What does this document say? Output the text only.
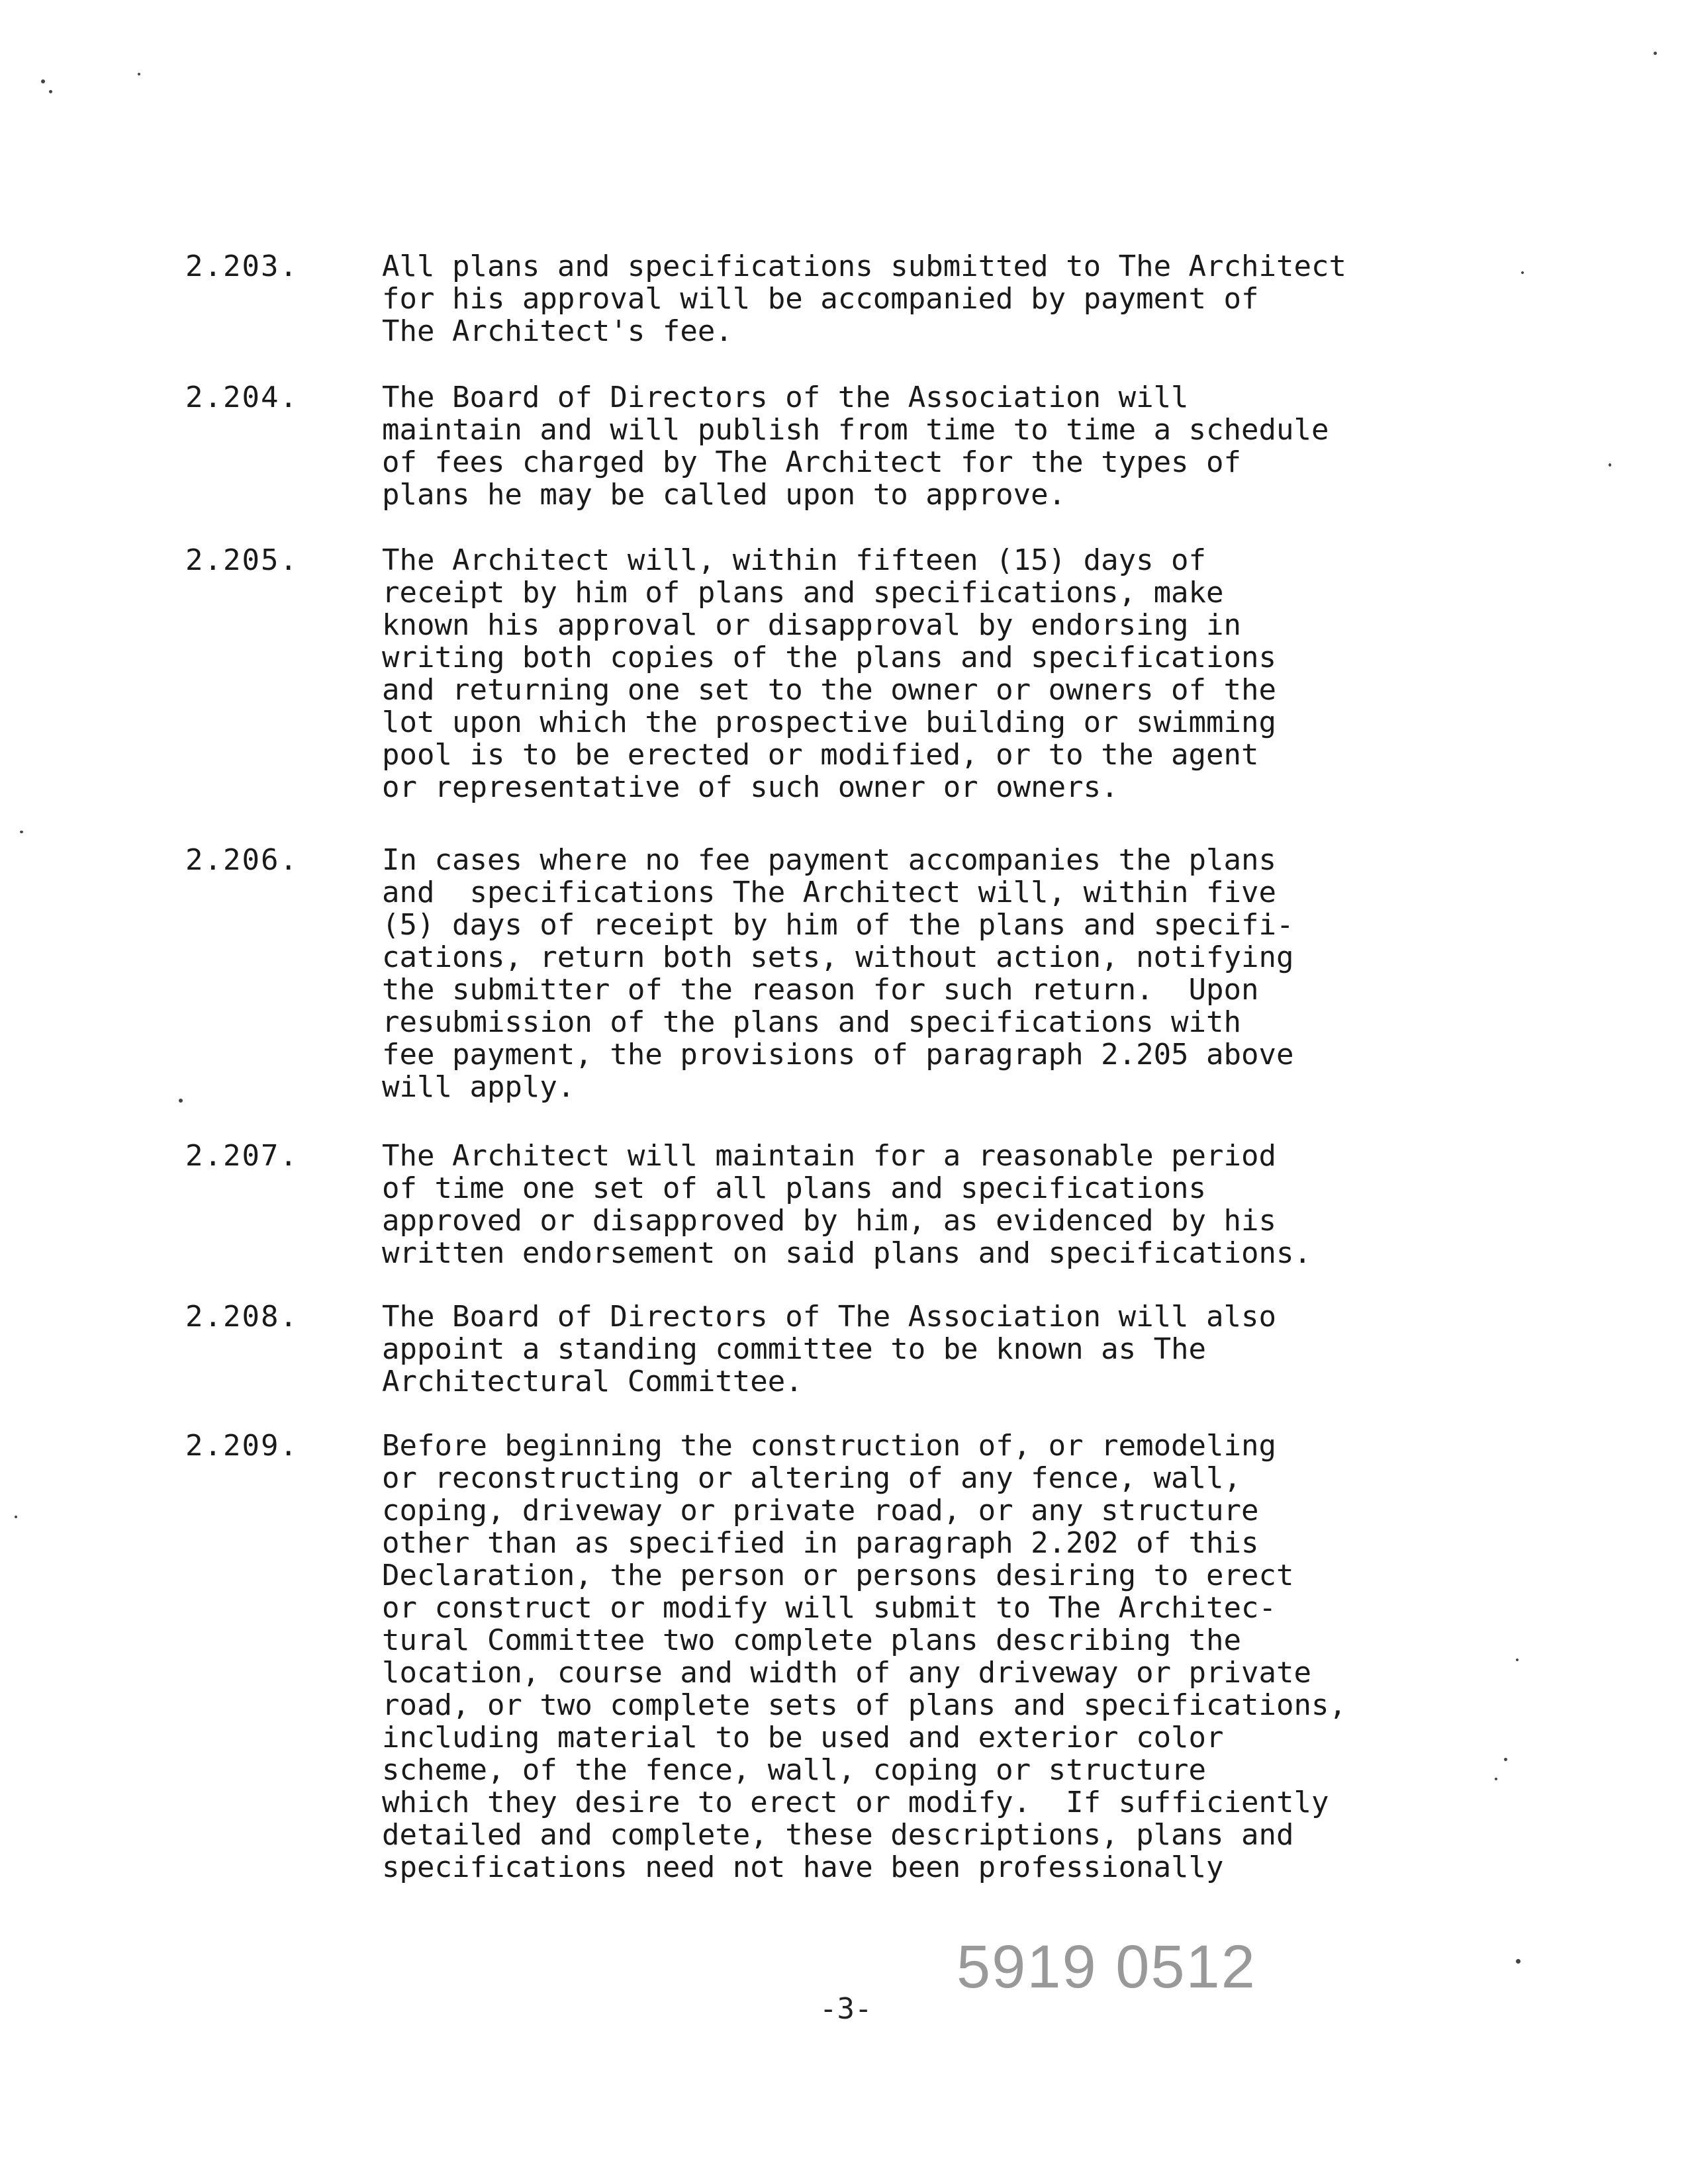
2.203.	All plans and specifications submitted to The Architect
for his approval will be accompanied by payment of
The Architect's fee.
2.204.	The Board of Directors of the Association will
maintain and will publish from time to time a schedule
of fees charged by The Architect for the types of
plans he may be called upon to approve.
2.205.	The Architect will, within fifteen (15) days of
receipt by him of plans and specifications, make
known his approval or disapproval by endorsing in
writing both copies of the plans and specifications
and returning one set to the owner or owners of the
lot upon which the prospective building or swimming
pool is to be erected or modified, or to the agent
or representative of such owner or owners.
2.206.	In cases where no fee payment accompanies the plans
and  specifications The Architect will, within five
(5) days of receipt by him of the plans and specifi-
cations, return both sets, without action, notifying
the submitter of the reason for such return.  Upon
resubmission of the plans and specifications with
fee payment, the provisions of paragraph 2.205 above
will apply.
2.207.	The Architect will maintain for a reasonable period
of time one set of all plans and specifications
approved or disapproved by him, as evidenced by his
written endorsement on said plans and specifications.
2.208.	The Board of Directors of The Association will also
appoint a standing committee to be known as The
Architectural Committee.
2.209.	Before beginning the construction of, or remodeling
or reconstructing or altering of any fence, wall,
coping, driveway or private road, or any structure
other than as specified in paragraph 2.202 of this
Declaration, the person or persons desiring to erect
or construct or modify will submit to The Architec-
tural Committee two complete plans describing the
location, course and width of any driveway or private
road, or two complete sets of plans and specifications,
including material to be used and exterior color
scheme, of the fence, wall, coping or structure
which they desire to erect or modify.  If sufficiently
detailed and complete, these descriptions, plans and
specifications need not have been professionally
5919 0512
-3-
